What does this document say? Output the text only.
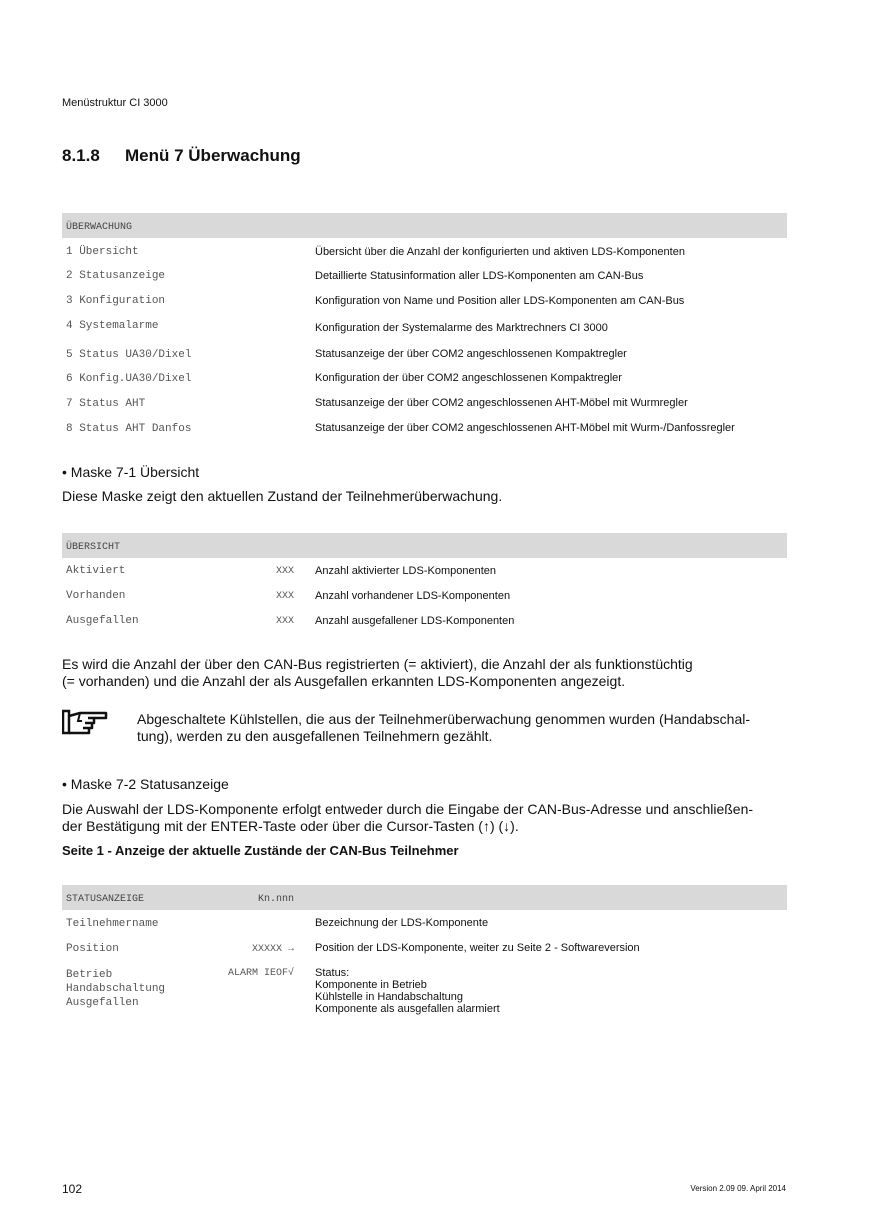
Menüstruktur CI 3000
8.1.8 Menü 7 Überwachung
ÜBERWACHUNG
1 Übersicht	Übersicht über die Anzahl der konfigurierten und aktiven LDS-Komponenten
2 Statusanzeige	Detaillierte Statusinformation aller LDS-Komponenten am CAN-Bus
3 Konfiguration	Konfiguration von Name und Position aller LDS-Komponenten am CAN-Bus
4 Systemalarme	Konfiguration der Systemalarme des Marktrechners CI 3000
5 Status UA30/Dixel	Statusanzeige der über COM2 angeschlossenen Kompaktregler
6 Konfig.UA30/Dixel	Konfiguration der über COM2 angeschlossenen Kompaktregler
7 Status AHT	Statusanzeige der über COM2 angeschlossenen AHT-Möbel mit Wurmregler
8 Status AHT Danfos	Statusanzeige der über COM2 angeschlossenen AHT-Möbel mit Wurm-/Danfossregler
• Maske 7-1 Übersicht
Diese Maske zeigt den aktuellen Zustand der Teilnehmerüberwachung.
ÜBERSICHT
Aktiviert	XXX Anzahl aktivierter LDS-Komponenten
Vorhanden	XXX Anzahl vorhandener LDS-Komponenten
Ausgefallen	XXX Anzahl ausgefallener LDS-Komponenten
Es wird die Anzahl der über den CAN-Bus registrierten (= aktiviert), die Anzahl der als funktionstüchtig
(= vorhanden) und die Anzahl der als Ausgefallen erkannten LDS-Komponenten angezeigt.
Abgeschaltete Kühlstellen, die aus der Teilnehmerüberwachung genommen wurden (Handabschal-
tung), werden zu den ausgefallenen Teilnehmern gezählt.
• Maske 7-2 Statusanzeige
Die Auswahl der LDS-Komponente erfolgt entweder durch die Eingabe der CAN-Bus-Adresse und anschließen-
der Bestätigung mit der ENTER-Taste oder über die Cursor-Tasten (↑) (↓).
Seite 1 - Anzeige der aktuelle Zustände der CAN-Bus Teilnehmer
STATUSANZEIGE	Kn.nnn
Teilnehmername	Bezeichnung der LDS-Komponente
Position	XXXXX → Position der LDS-Komponente, weiter zu Seite 2 - Softwareversion
Betrieb
Handabschaltung
Ausgefallen
ALARM IEOF√ Status:
Komponente in Betrieb
Kühlstelle in Handabschaltung
Komponente als ausgefallen alarmiert
102	Version 2.09 09. April 2014
